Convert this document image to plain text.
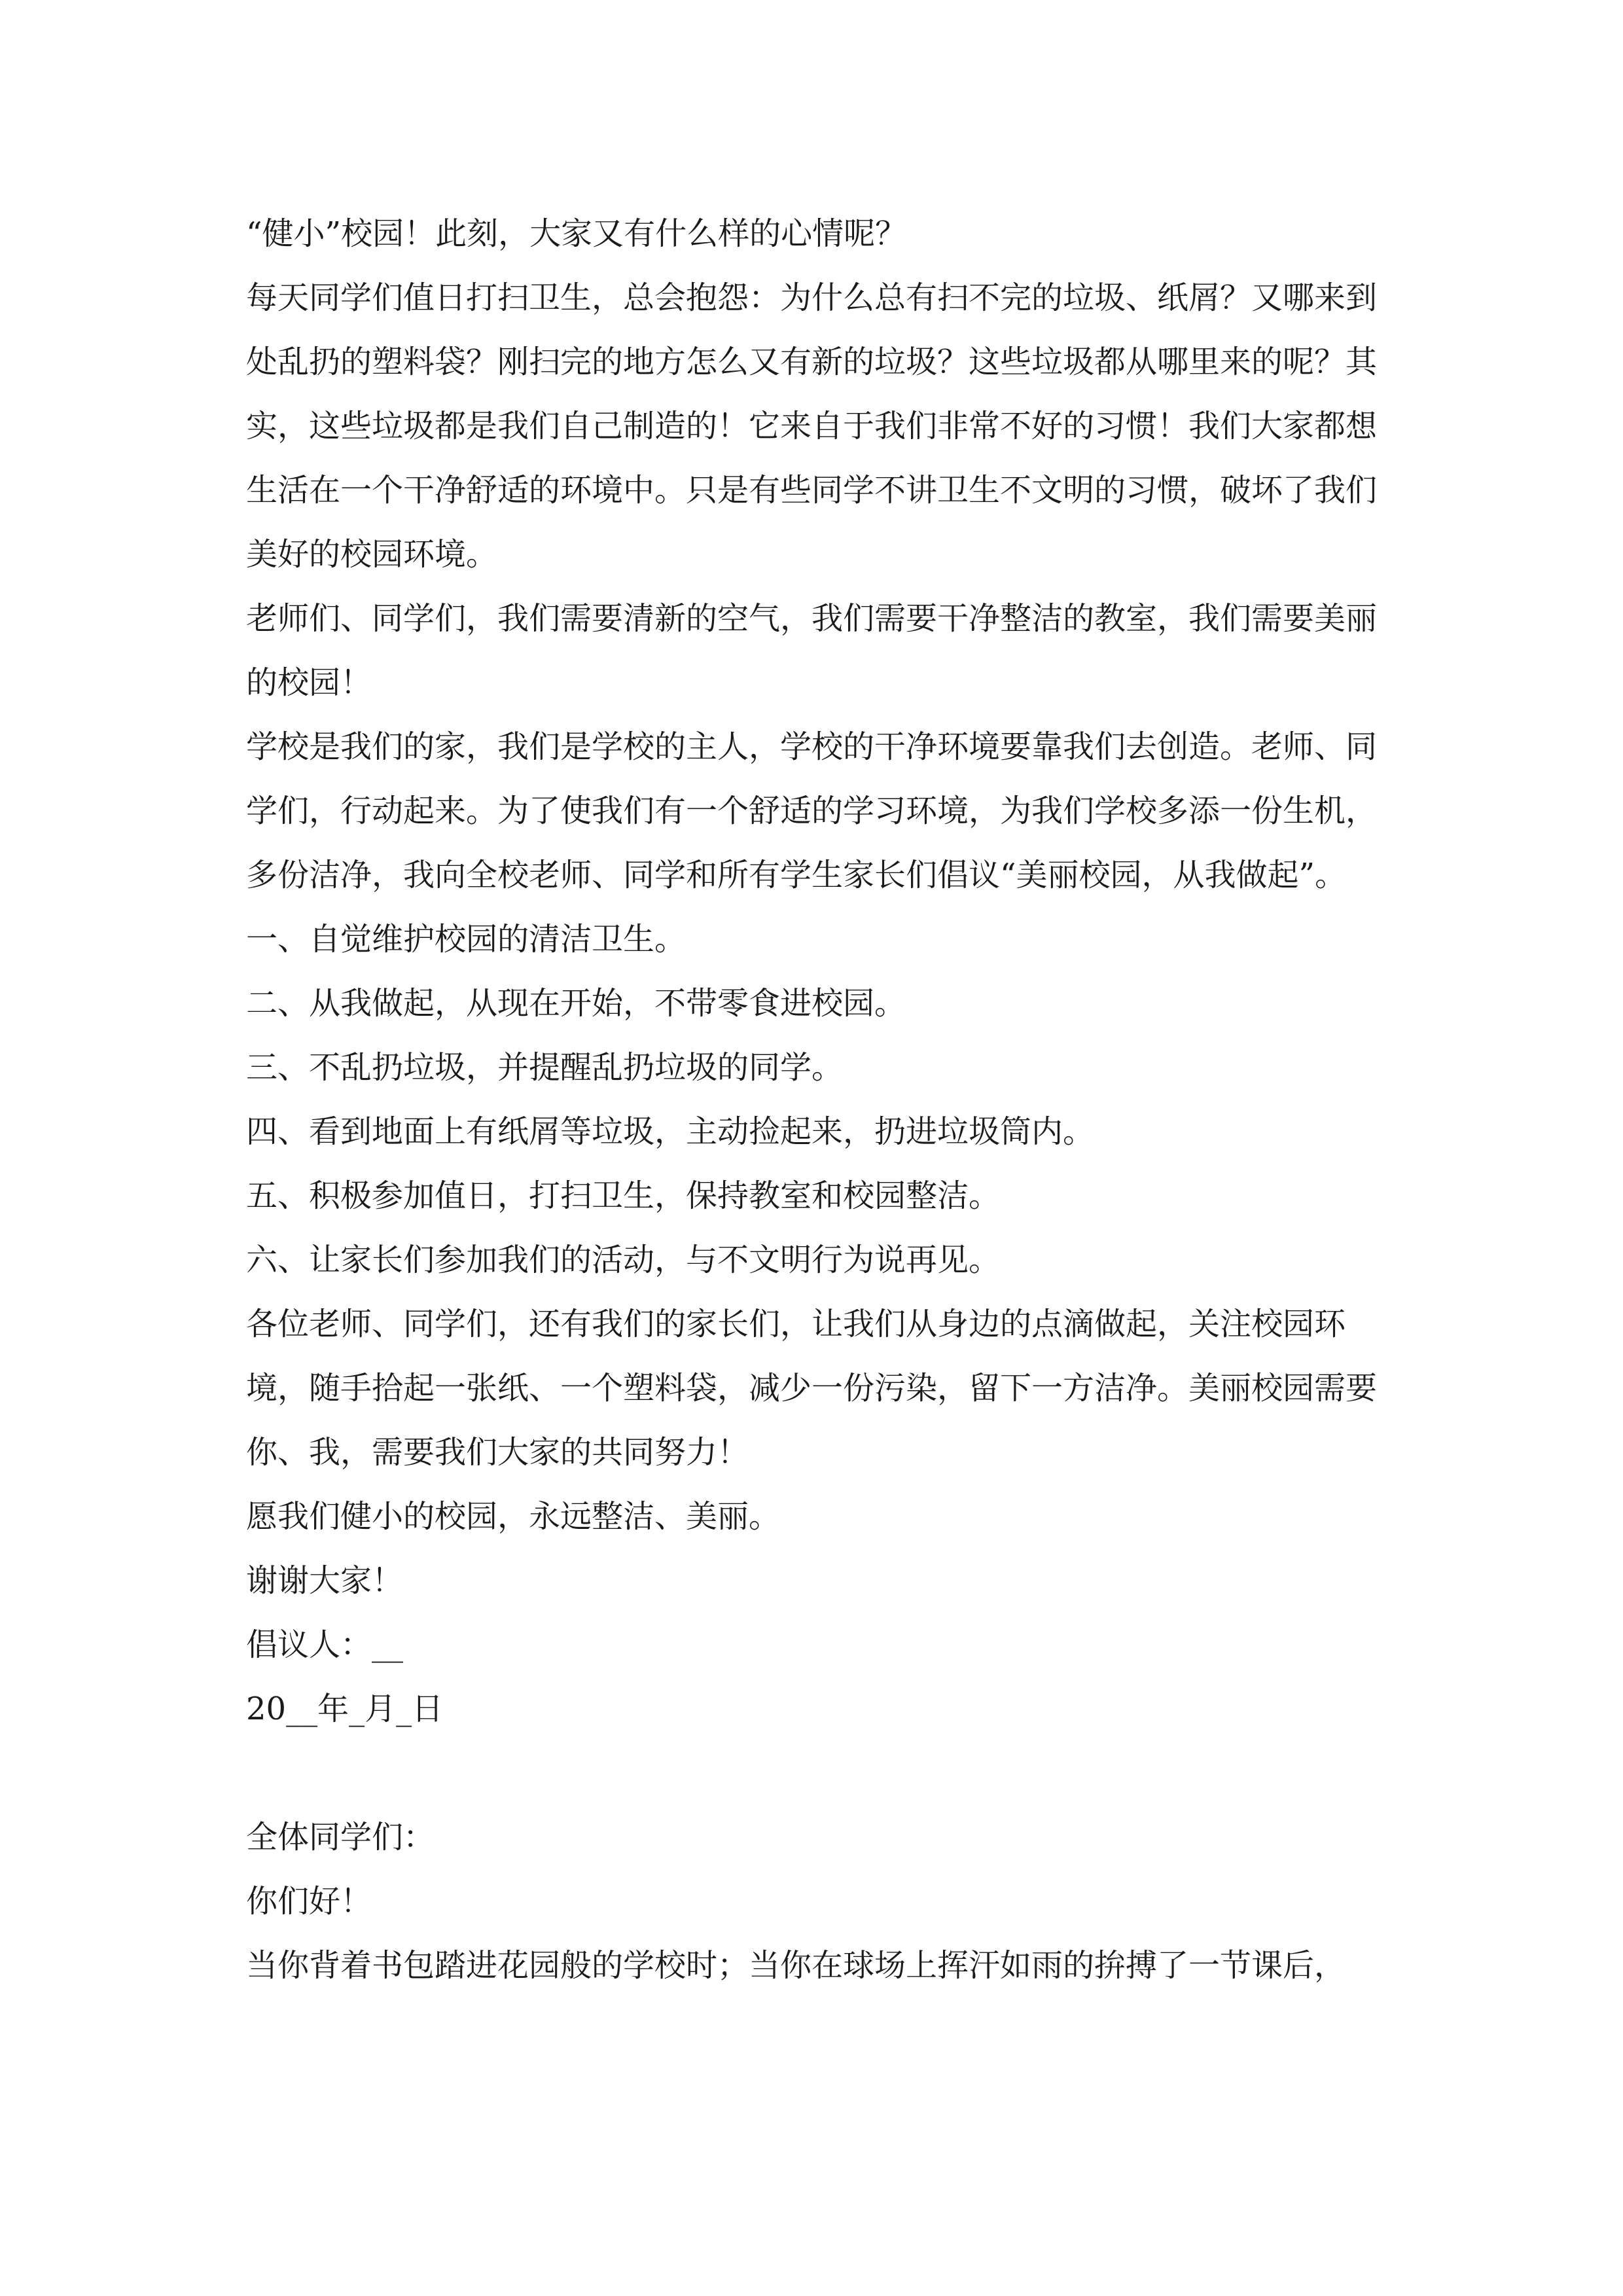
“健小”校园！此刻，大家又有什么样的心情呢？

每天同学们值日打扫卫生，总会抱怨：为什么总有扫不完的垃圾、纸屑？又哪来到处乱扔的塑料袋？刚扫完的地方怎么又有新的垃圾？这些垃圾都从哪里来的呢？其实，这些垃圾都是我们自己制造的！它来自于我们非常不好的习惯！我们大家都想生活在一个干净舒适的环境中。只是有些同学不讲卫生不文明的习惯，破坏了我们美好的校园环境。

老师们、同学们，我们需要清新的空气，我们需要干净整洁的教室，我们需要美丽的校园！

学校是我们的家，我们是学校的主人，学校的干净环境要靠我们去创造。老师、同学们，行动起来。为了使我们有一个舒适的学习环境，为我们学校多添一份生机，多份洁净，我向全校老师、同学和所有学生家长们倡议“美丽校园，从我做起”。

一、自觉维护校园的清洁卫生。

二、从我做起，从现在开始，不带零食进校园。

三、不乱扔垃圾，并提醒乱扔垃圾的同学。

四、看到地面上有纸屑等垃圾，主动捡起来，扔进垃圾筒内。

五、积极参加值日，打扫卫生，保持教室和校园整洁。

六、让家长们参加我们的活动，与不文明行为说再见。

各位老师、同学们，还有我们的家长们，让我们从身边的点滴做起，关注校园环境，随手拾起一张纸、一个塑料袋，减少一份污染，留下一方洁净。美丽校园需要你、我，需要我们大家的共同努力！

愿我们健小的校园，永远整洁、美丽。

谢谢大家！

倡议人：__

20__年_月_日

全体同学们：

你们好！

当你背着书包踏进花园般的学校时；当你在球场上挥汗如雨的拚搏了一节课后，
